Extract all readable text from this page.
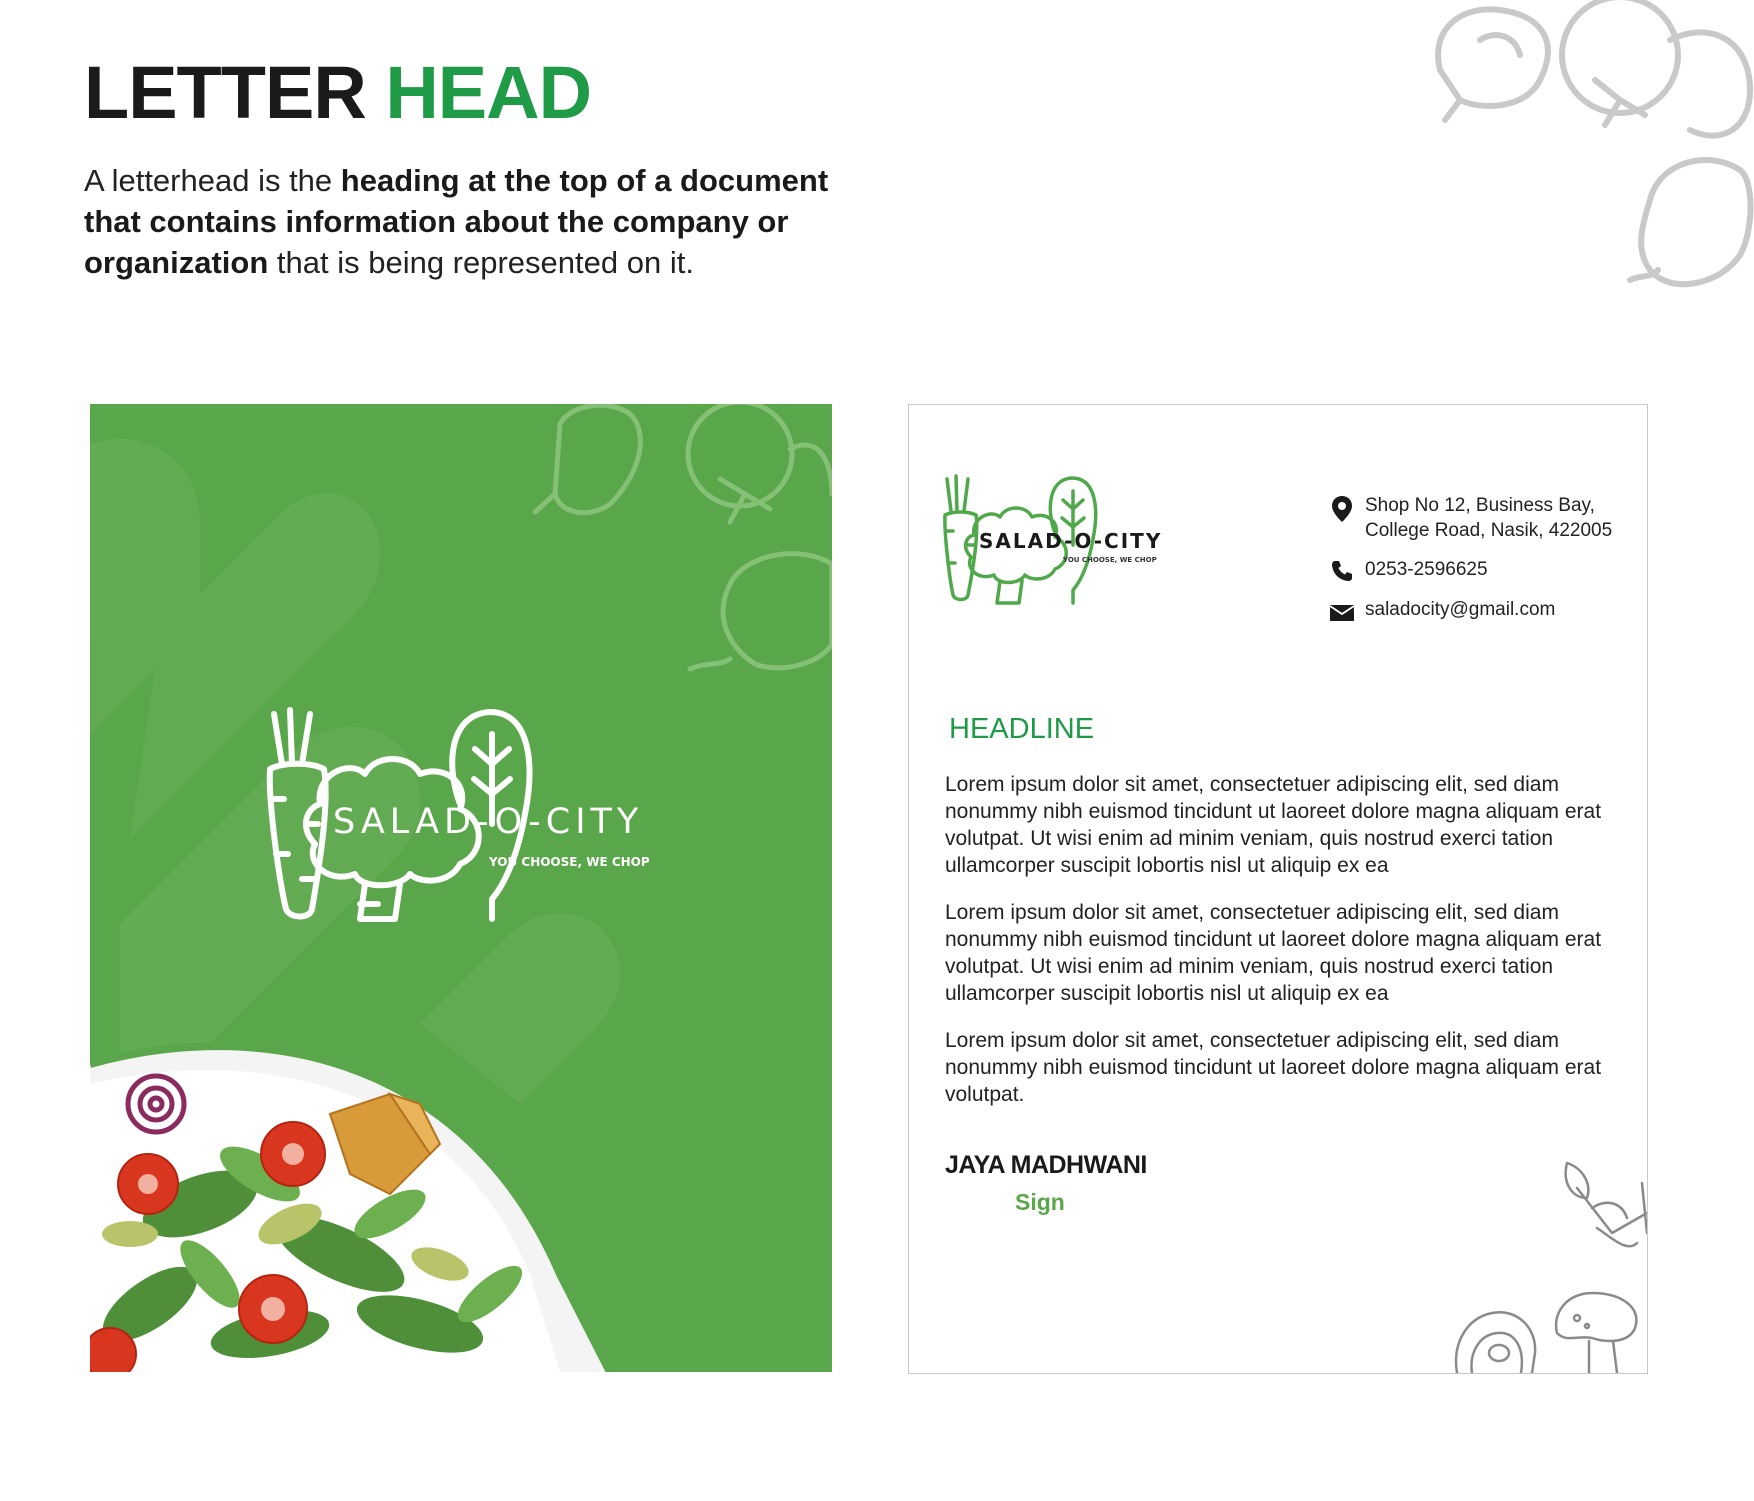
LETTER HEAD

A letterhead is the heading at the top of a document that contains information about the company or organization that is being represented on it.

SALAD-O-CITY

YOU CHOOSE, WE CHOP

SALAD-O-CITY

YOU CHOOSE, WE CHOP

Shop No 12, Business Bay,
College Road, Nasik, 422005
0253-2596625
saladocity@gmail.com
HEADLINE

Lorem ipsum dolor sit amet, consectetuer adipiscing elit, sed diam nonummy nibh euismod tincidunt ut laoreet dolore magna aliquam erat volutpat. Ut wisi enim ad minim veniam, quis nostrud exerci tation ullamcorper suscipit lobortis nisl ut aliquip ex ea

Lorem ipsum dolor sit amet, consectetuer adipiscing elit, sed diam nonummy nibh euismod tincidunt ut laoreet dolore magna aliquam erat volutpat. Ut wisi enim ad minim veniam, quis nostrud exerci tation ullamcorper suscipit lobortis nisl ut aliquip ex ea

Lorem ipsum dolor sit amet, consectetuer adipiscing elit, sed diam nonummy nibh euismod tincidunt ut laoreet dolore magna aliquam erat volutpat.

JAYA MADHWANI

Sign
